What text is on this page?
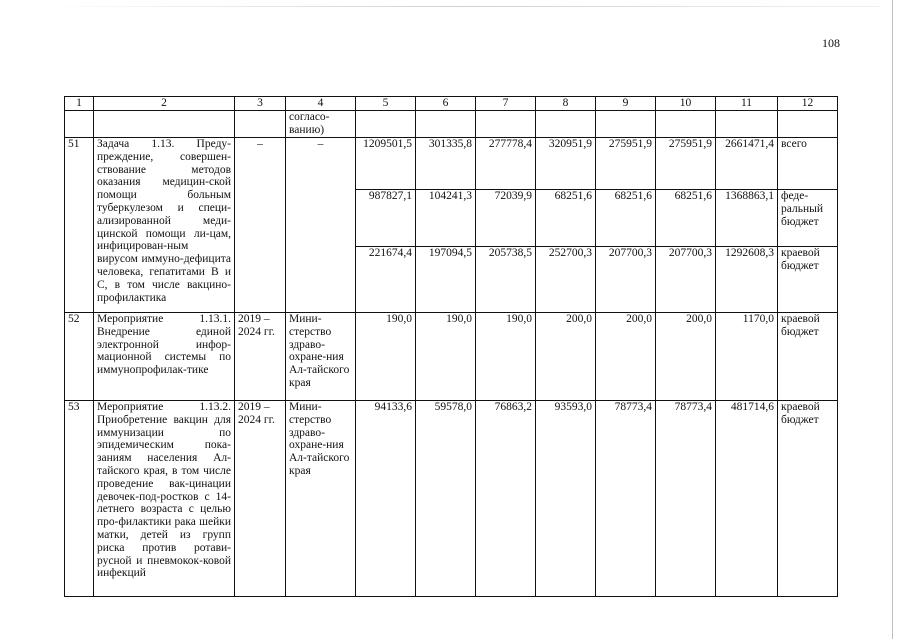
108
1	2	3	4	5	6	7	8	9	10	11	12
			согласо-ванию)								
51	Задача 1.13. Преду-преждение, совершен-ствование методов оказания медицин-ской помощи больным туберкулезом и специ-ализированной меди-цинской помощи ли-цам, инфицирован-ным вирусом иммуно-дефицита человека, гепатитами В и С, в том числе вакцино-профилактика	–	–	1209501,5	301335,8	277778,4	320951,9	275951,9	275951,9	2661471,4	всего
				987827,1	104241,3	72039,9	68251,6	68251,6	68251,6	1368863,1	феде-ральный бюджет
				221674,4	197094,5	205738,5	252700,3	207700,3	207700,3	1292608,3	краевой бюджет
52	Мероприятие 1.13.1. Внедрение единой электронной инфор-мационной системы по иммунопрофилак-тике	2019 – 2024 гг.	Мини-стерство здраво-охране-ния Ал-тайского края	190,0	190,0	190,0	200,0	200,0	200,0	1170,0	краевой бюджет
53	Мероприятие 1.13.2. Приобретение вакцин для иммунизации по эпидемическим пока-заниям населения Ал-тайского края, в том числе проведение вак-цинации девочек-под-ростков с 14-летнего возраста с целью про-филактики рака шейки матки, детей из групп риска против ротави-русной и пневмокок-ковой инфекций	2019 – 2024 гг.	Мини-стерство здраво-охране-ния Ал-тайского края	94133,6	59578,0	76863,2	93593,0	78773,4	78773,4	481714,6	краевой бюджет
